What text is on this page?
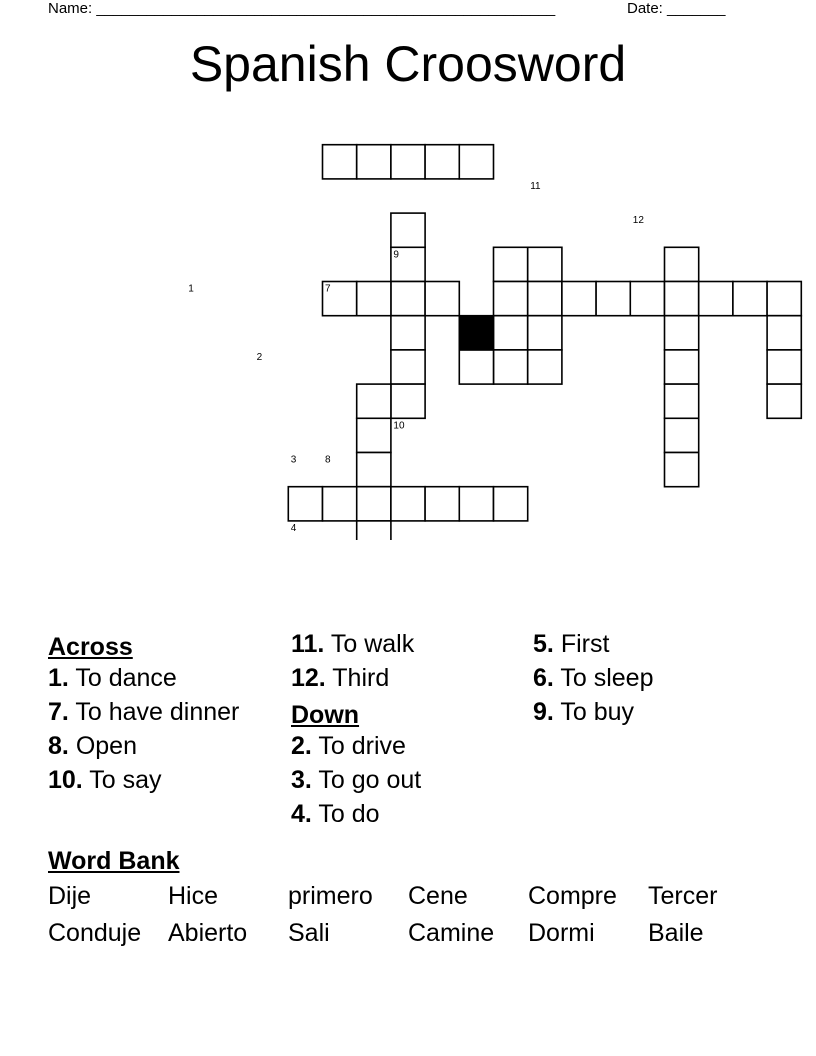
Name: _______________________________________________________	Date: _______
Spanish Croosword
1
2
3
4
7
8
9
10
11
12
Across
1. To dance
7. To have dinner
8. Open
10. To say
11. To walk
12. Third
Down
2. To drive
3. To go out
4. To do
5. First
6. To sleep
9. To buy
Word Bank
Dije	Hice	primero	Cene	Compre	Tercer
Conduje	Abierto	Sali	Camine	Dormi	Baile
